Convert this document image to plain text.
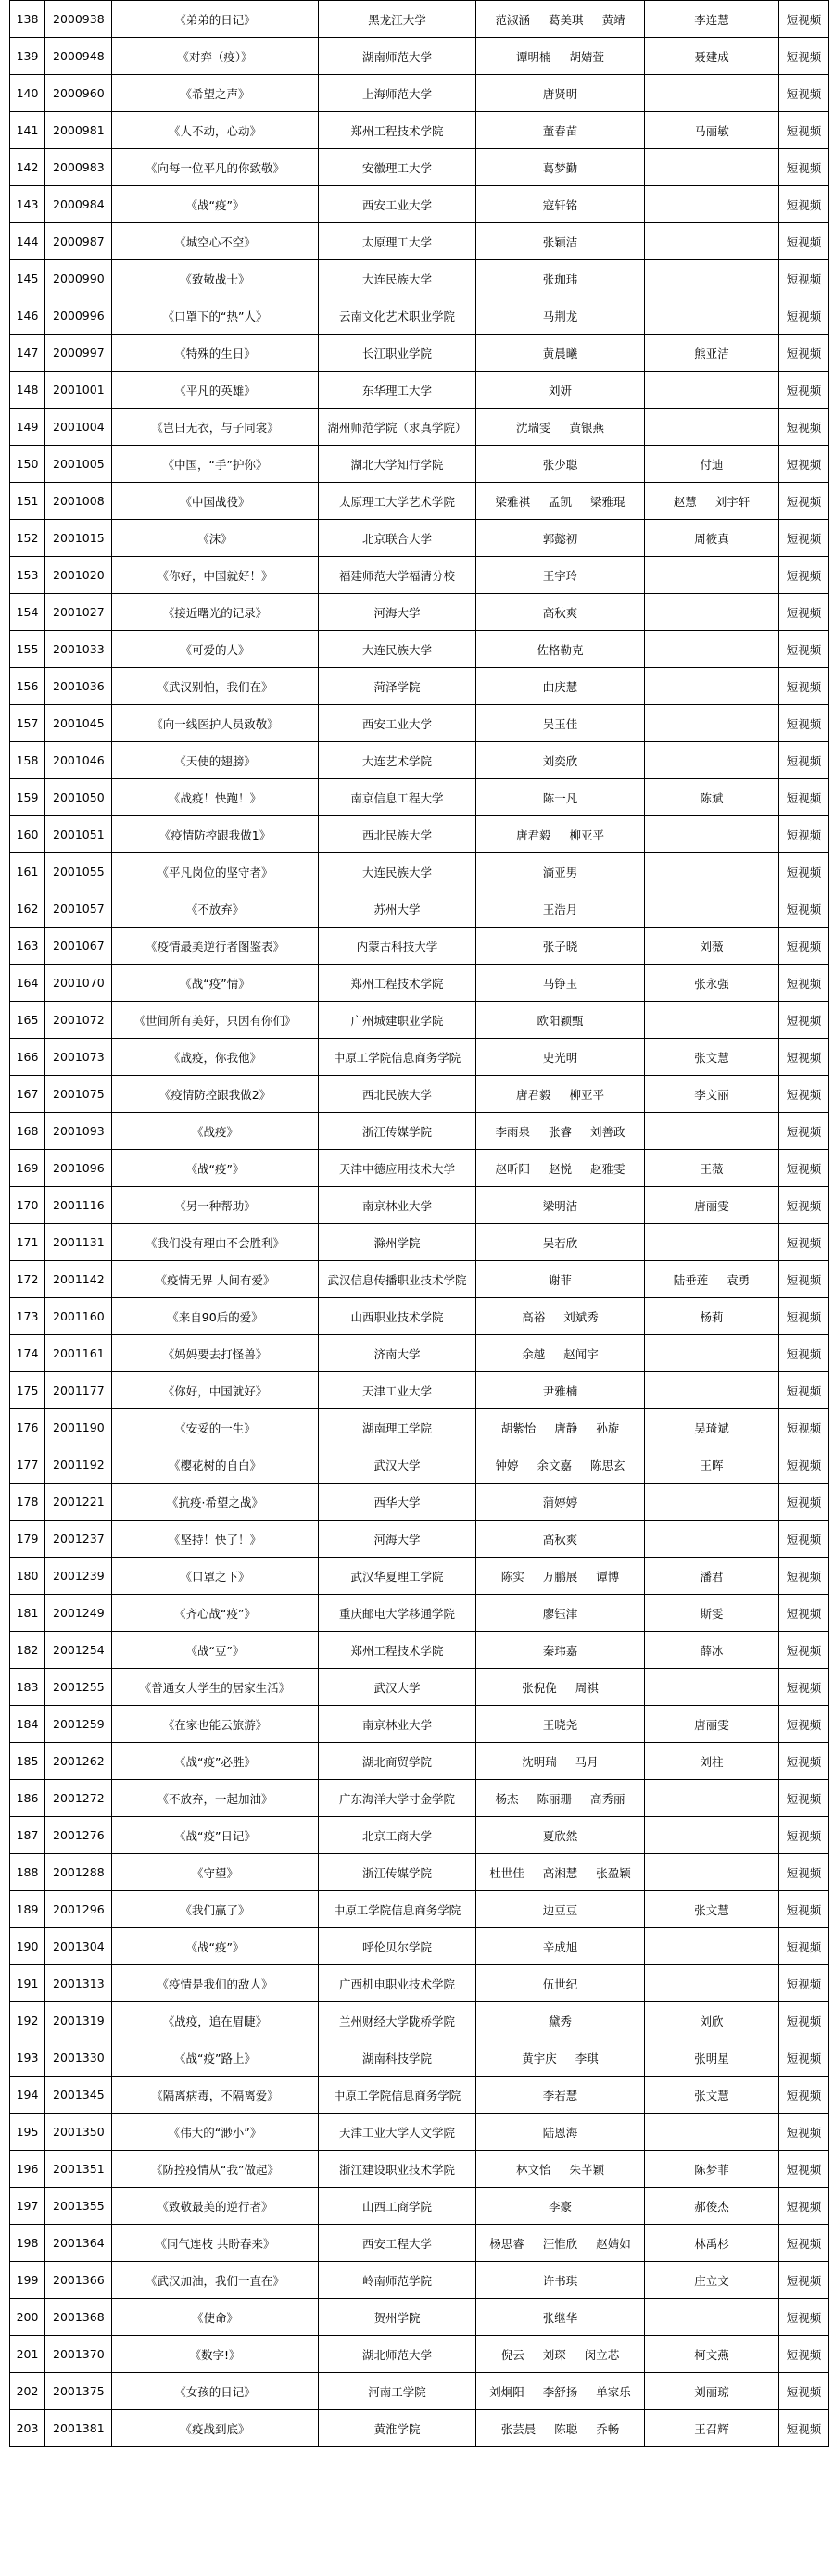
138	2000938	《弟弟的日记》	黑龙江大学	范淑涵 葛美琪 黄靖	李连慧	短视频
139	2000948	《对弈（疫）》	湖南师范大学	谭明楠 胡婧萱	聂建成	短视频
140	2000960	《希望之声》	上海师范大学	唐贤明		短视频
141	2000981	《人不动，心动》	郑州工程技术学院	董春苗	马丽敏	短视频
142	2000983	《向每一位平凡的你致敬》	安徽理工大学	葛梦勤		短视频
143	2000984	《战“疫”》	西安工业大学	寇轩铭		短视频
144	2000987	《城空心不空》	太原理工大学	张颖洁		短视频
145	2000990	《致敬战士》	大连民族大学	张珈玮		短视频
146	2000996	《口罩下的“热”人》	云南文化艺术职业学院	马荆龙		短视频
147	2000997	《特殊的生日》	长江职业学院	黄晨曦	熊亚洁	短视频
148	2001001	《平凡的英雄》	东华理工大学	刘妍		短视频
149	2001004	《岂曰无衣，与子同裳》	湖州师范学院（求真学院）	沈瑞雯 黄银燕		短视频
150	2001005	《中国，“手”护你》	湖北大学知行学院	张少聪	付迪	短视频
151	2001008	《中国战役》	太原理工大学艺术学院	梁雅祺 孟凯 梁雅琨	赵慧 刘宇轩	短视频
152	2001015	《沫》	北京联合大学	郭懿初	周筱真	短视频
153	2001020	《你好，中国就好！》	福建师范大学福清分校	王宇玲		短视频
154	2001027	《接近曙光的记录》	河海大学	高秋爽		短视频
155	2001033	《可爱的人》	大连民族大学	佐格勒克		短视频
156	2001036	《武汉别怕，我们在》	菏泽学院	曲庆慧		短视频
157	2001045	《向一线医护人员致敬》	西安工业大学	吴玉佳		短视频
158	2001046	《天使的翅膀》	大连艺术学院	刘奕欣		短视频
159	2001050	《战疫！快跑！》	南京信息工程大学	陈一凡	陈斌	短视频
160	2001051	《疫情防控跟我做1》	西北民族大学	唐君毅 柳亚平		短视频
161	2001055	《平凡岗位的坚守者》	大连民族大学	滴亚男		短视频
162	2001057	《不放弃》	苏州大学	王浩月		短视频
163	2001067	《疫情最美逆行者图鉴表》	内蒙古科技大学	张子晓	刘薇	短视频
164	2001070	《战“疫”情》	郑州工程技术学院	马铮玉	张永强	短视频
165	2001072	《世间所有美好，只因有你们》	广州城建职业学院	欧阳颖甄		短视频
166	2001073	《战疫，你我他》	中原工学院信息商务学院	史光明	张文慧	短视频
167	2001075	《疫情防控跟我做2》	西北民族大学	唐君毅 柳亚平	李文丽	短视频
168	2001093	《战疫》	浙江传媒学院	李雨泉 张睿 刘善政		短视频
169	2001096	《战“疫”》	天津中德应用技术大学	赵昕阳 赵悦 赵雅雯	王薇	短视频
170	2001116	《另一种帮助》	南京林业大学	梁明洁	唐丽雯	短视频
171	2001131	《我们没有理由不会胜利》	滁州学院	吴若欣		短视频
172	2001142	《疫情无界 人间有爱》	武汉信息传播职业技术学院	谢菲	陆垂莲 袁勇	短视频
173	2001160	《来自90后的爱》	山西职业技术学院	高裕 刘斌秀	杨莉	短视频
174	2001161	《妈妈要去打怪兽》	济南大学	余越 赵闻宇		短视频
175	2001177	《你好，中国就好》	天津工业大学	尹雅楠		短视频
176	2001190	《安妥的一生》	湖南理工学院	胡紫怡 唐静 孙旋	吴琦斌	短视频
177	2001192	《樱花树的自白》	武汉大学	钟婷 余文嘉 陈思玄	王晖	短视频
178	2001221	《抗疫·希望之战》	西华大学	蒲婷婷		短视频
179	2001237	《坚持！快了！》	河海大学	高秋爽		短视频
180	2001239	《口罩之下》	武汉华夏理工学院	陈实 万鹏展 谭博	潘君	短视频
181	2001249	《齐心战“疫”》	重庆邮电大学移通学院	廖钰津	斯雯	短视频
182	2001254	《战“豆”》	郑州工程技术学院	秦玮嘉	薛冰	短视频
183	2001255	《普通女大学生的居家生活》	武汉大学	张倪俛 周祺		短视频
184	2001259	《在家也能云旅游》	南京林业大学	王晓尧	唐丽雯	短视频
185	2001262	《战“疫”必胜》	湖北商贸学院	沈明瑞 马月	刘柱	短视频
186	2001272	《不放弃，一起加油》	广东海洋大学寸金学院	杨杰 陈丽珊 高秀丽		短视频
187	2001276	《战“疫”日记》	北京工商大学	夏欣然		短视频
188	2001288	《守望》	浙江传媒学院	杜世佳 高湘慧 张盈颖		短视频
189	2001296	《我们赢了》	中原工学院信息商务学院	边豆豆	张文慧	短视频
190	2001304	《战“疫”》	呼伦贝尔学院	辛成旭		短视频
191	2001313	《疫情是我们的敌人》	广西机电职业技术学院	伍世纪		短视频
192	2001319	《战疫，追在眉睫》	兰州财经大学陇桥学院	黛秀	刘欣	短视频
193	2001330	《战“疫”路上》	湖南科技学院	黄宇庆 李琪	张明星	短视频
194	2001345	《隔离病毒，不隔离爱》	中原工学院信息商务学院	李若慧	张文慧	短视频
195	2001350	《伟大的“渺小”》	天津工业大学人文学院	陆恩海		短视频
196	2001351	《防控疫情从“我”做起》	浙江建设职业技术学院	林文怡 朱芊颖	陈梦菲	短视频
197	2001355	《致敬最美的逆行者》	山西工商学院	李豪	郝俊杰	短视频
198	2001364	《同气连枝 共盼春来》	西安工程大学	杨思睿 汪惟欣 赵婧如	林禹杉	短视频
199	2001366	《武汉加油，我们一直在》	岭南师范学院	许书琪	庄立文	短视频
200	2001368	《使命》	贺州学院	张继华		短视频
201	2001370	《数字!》	湖北师范大学	倪云 刘琛 闵立芯	柯文燕	短视频
202	2001375	《女孩的日记》	河南工学院	刘炯阳 李舒扬 单家乐	刘丽琼	短视频
203	2001381	《疫战到底》	黄淮学院	张芸晨 陈聪 乔畅	王召辉	短视频
